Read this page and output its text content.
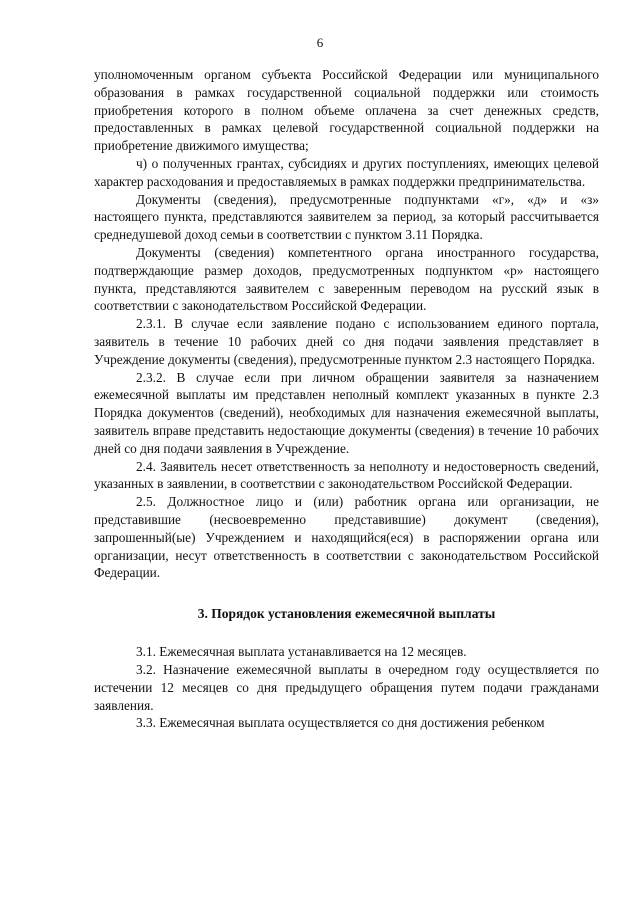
6

уполномоченным органом субъекта Российской Федерации или муниципального образования в рамках государственной социальной поддержки или стоимость приобретения которого в полном объеме оплачена за счет денежных средств, предоставленных в рамках целевой государственной социальной поддержки на приобретение движимого имущества;

ч) о полученных грантах, субсидиях и других поступлениях, имеющих целевой характер расходования и предоставляемых в рамках поддержки предпринимательства.

Документы (сведения), предусмотренные подпунктами «г», «д» и «з» настоящего пункта, представляются заявителем за период, за который рассчитывается среднедушевой доход семьи в соответствии с пунктом 3.11 Порядка.

Документы (сведения) компетентного органа иностранного государства, подтверждающие размер доходов, предусмотренных подпунктом «р» настоящего пункта, представляются заявителем с заверенным переводом на русский язык в соответствии с законодательством Российской Федерации.

2.3.1. В случае если заявление подано с использованием единого портала, заявитель в течение 10 рабочих дней со дня подачи заявления представляет в Учреждение документы (сведения), предусмотренные пунктом 2.3 настоящего Порядка.

2.3.2. В случае если при личном обращении заявителя за назначением ежемесячной выплаты им представлен неполный комплект указанных в пункте 2.3 Порядка документов (сведений), необходимых для назначения ежемесячной выплаты, заявитель вправе представить недостающие документы (сведения) в течение 10 рабочих дней со дня подачи заявления в Учреждение.

2.4. Заявитель несет ответственность за неполноту и недостоверность сведений, указанных в заявлении, в соответствии с законодательством Российской Федерации.

2.5. Должностное лицо и (или) работник органа или организации, не представившие (несвоевременно представившие) документ (сведения), запрошенный(ые) Учреждением и находящийся(еся) в распоряжении органа или организации, несут ответственность в соответствии с законодательством Российской Федерации.

3. Порядок установления ежемесячной выплаты

3.1. Ежемесячная выплата устанавливается на 12 месяцев.

3.2. Назначение ежемесячной выплаты в очередном году осуществляется по истечении 12 месяцев со дня предыдущего обращения путем подачи гражданами заявления.

3.3. Ежемесячная выплата осуществляется со дня достижения ребенком
